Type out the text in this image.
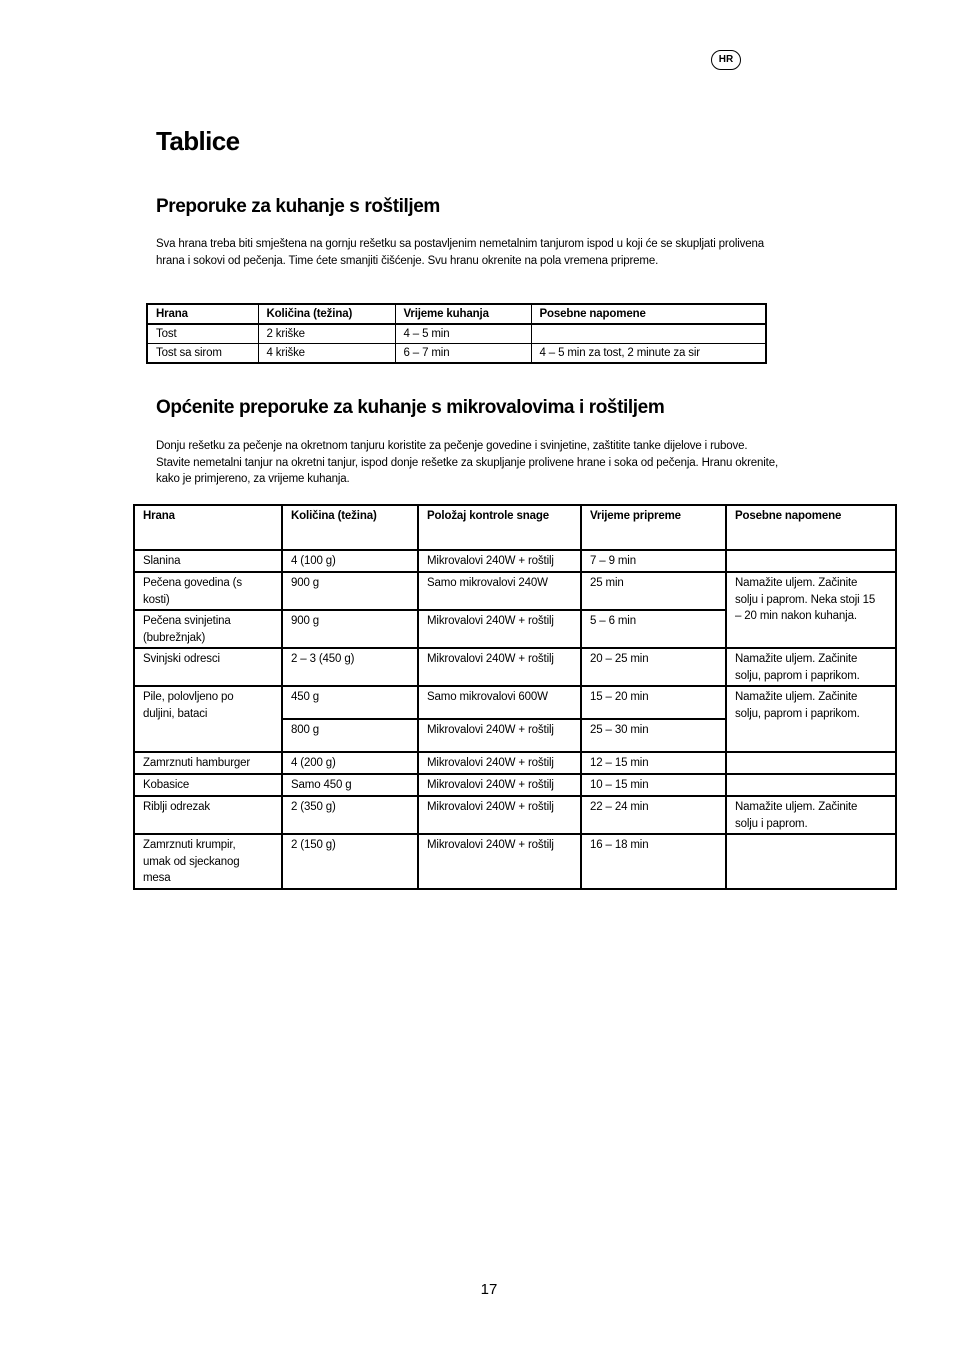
HR
Tablice
Preporuke za kuhanje s roštiljem

Sva hrana treba biti smještena na gornju rešetku sa postavljenim nemetalnim tanjurom ispod u koji će se skupljati prolivena
hrana i sokovi od pečenja. Time ćete smanjiti čišćenje. Svu hranu okrenite na pola vremena pripreme.

Hrana	Količina (težina)	Vrijeme kuhanja	Posebne napomene
Tost	2 kriške	4 – 5 min	
Tost sa sirom	4 kriške	6 – 7 min	4 – 5 min za tost, 2 minute za sir
Općenite preporuke za kuhanje s mikrovalovima i roštiljem

Donju rešetku za pečenje na okretnom tanjuru koristite za pečenje govedine i svinjetine, zaštitite tanke dijelove i rubove.
Stavite nemetalni tanjur na okretni tanjur, ispod donje rešetke za skupljanje prolivene hrane i soka od pečenja. Hranu okrenite,
kako je primjereno, za vrijeme kuhanja.

Hrana	Količina (težina)	Položaj kontrole snage	Vrijeme pripreme	Posebne napomene

Slanina	4 (100 g)	Mikrovalovi 240W + roštilj	7 – 9 min	

Pečena govedina (s
kosti)	900 g	Samo mikrovalovi 240W	25 min	Namažite uljem. Začinite
solju i paprom. Neka stoji 15
– 20 min nakon kuhanja.

Pečena svinjetina
(bubrežnjak)	900 g	Mikrovalovi 240W + roštilj	5 – 6 min	

Svinjski odresci	2 – 3 (450 g)	Mikrovalovi 240W + roštilj	20 – 25 min	Namažite uljem. Začinite
solju, paprom i paprikom.

Pile, polovljeno po
duljini, bataci	450 g	Samo mikrovalovi 600W	15 – 20 min	Namažite uljem. Začinite
solju, paprom i paprikom.

	800 g	Mikrovalovi 240W + roštilj	25 – 30 min	

Zamrznuti hamburger	4 (200 g)	Mikrovalovi 240W + roštilj	12 – 15 min	

Kobasice	Samo 450 g	Mikrovalovi 240W + roštilj	10 – 15 min	

Riblji odrezak	2 (350 g)	Mikrovalovi 240W + roštilj	22 – 24 min	Namažite uljem. Začinite
solju i paprom.

Zamrznuti krumpir,
umak od sjeckanog
mesa	2 (150 g)	Mikrovalovi 240W + roštilj	16 – 18 min	
17
